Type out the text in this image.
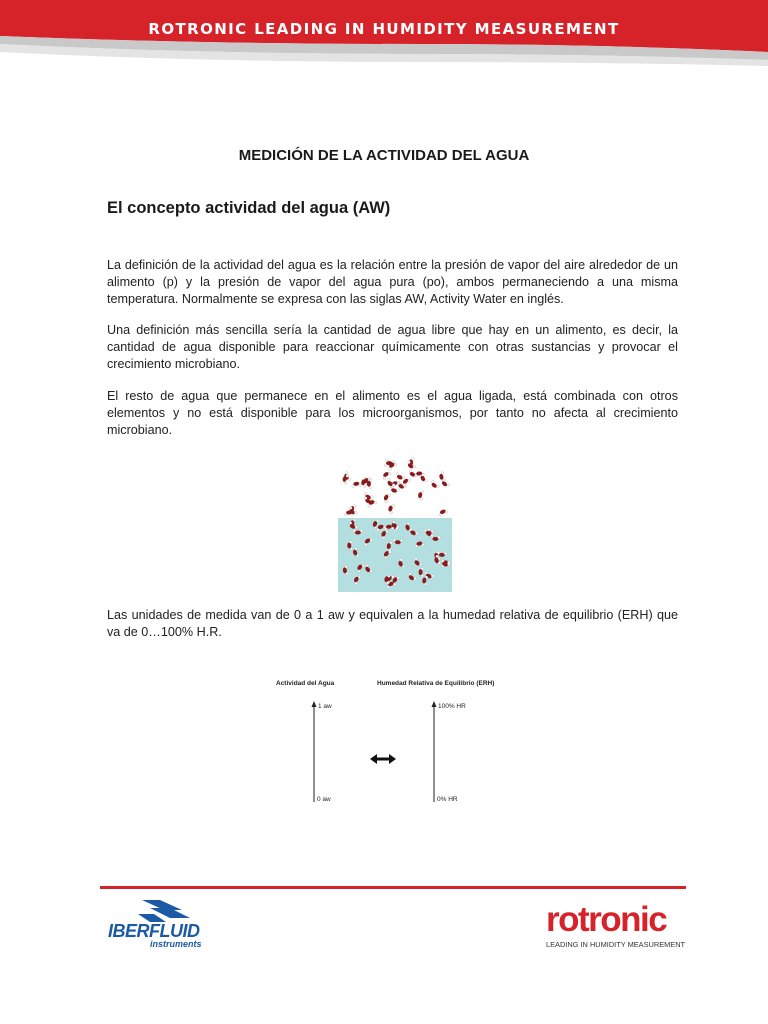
ROTRONIC LEADING IN HUMIDITY MEASUREMENT
MEDICIÓN DE LA ACTIVIDAD DEL AGUA
El concepto actividad del agua (AW)

La definición de la actividad del agua es la relación entre la presión de vapor del aire alrededor de un alimento (p) y la presión de vapor del agua pura (po), ambos permaneciendo a una misma temperatura. Normalmente se expresa con las siglas AW, Activity Water en inglés.

Una definición más sencilla sería la cantidad de agua libre que hay en un alimento, es decir, la cantidad de agua disponible para reaccionar químicamente con otras sustancias y provocar el crecimiento microbiano.

El resto de agua que permanece en el alimento es el agua ligada, está combinada con otros elementos y no está disponible para los microorganismos, por tanto no afecta al crecimiento microbiano.

Las unidades de medida van de 0 a 1 aw y equivalen a la humedad relativa de equilibrio (ERH) que va de 0…100% H.R.

Actividad del Agua	Humedad Relativa de Equilibrio (ERH)
1 aw
0 aw
100% HR
0% HR
IBERFLUID
instruments
rotronic
LEADING IN HUMIDITY MEASUREMENT
